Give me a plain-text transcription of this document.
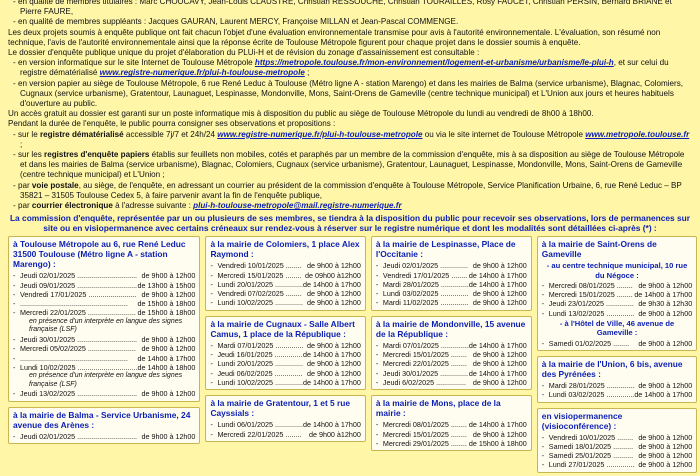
- en qualité de membres titulaires : Marc CHOUCAVY, Jean-Louis CLAUSTRE, Christian RESSOUCHE, Christian TOURAILLES, Rosy FAUCET, Christian PERSIN, Bernard BRIANE et Pierre FAURE,

- en qualité de membres suppléants : Jacques GAURAN, Laurent MERCY, Françoise MILLAN et Jean-Pascal COMMENGE.

Les deux projets soumis à enquête publique ont fait chacun l'objet d'une évaluation environnementale transmise pour avis à l'autorité environnementale. L'évaluation, son résumé non technique, l'avis de l'autorité environnementale ainsi que la réponse écrite de Toulouse Métropole figurent pour chaque projet dans le dossier soumis à enquête.

Le dossier d'enquête publique unique du projet d'élaboration du PLUi-H et de révision du zonage d'assainissement est consultable :

- en version informatique sur le site Internet de Toulouse Métropole https://metropole.toulouse.fr/mon-environnement/logement-et-urbanisme/urbanisme/le-plui-h, et sur celui du registre dématérialisé www.registre-numerique.fr/plui-h-toulouse-metropole ;

- en version papier au siège de Toulouse Métropole, 6 rue René Leduc à Toulouse (Métro ligne A - station Marengo) et dans les mairies de Balma (service urbanisme), Blagnac, Colomiers, Cugnaux (service urbanisme), Gratentour, Launaguet, Lespinasse, Mondonville, Mons, Saint-Orens de Gameville (centre technique municipal) et L'Union aux jours et heures habituels d'ouverture au public.

Un accès gratuit au dossier est garanti sur un poste informatique mis à disposition du public au siège de Toulouse Métropole du lundi au vendredi de 8h00 à 18h00.

Pendant la durée de l'enquête, le public pourra consigner ses observations et propositions :

- sur le registre dématérialisé accessible 7j/7 et 24h/24 www.registre-numerique.fr/plui-h-toulouse-metropole ou via le site internet de Toulouse Métropole www.metropole.toulouse.fr ;

- sur les registres d'enquête papiers établis sur feuillets non mobiles, cotés et paraphés par un membre de la commission d'enquête, mis à sa disposition au siège de Toulouse Métropole et dans les mairies de Balma (service urbanisme), Blagnac, Colomiers, Cugnaux (service urbanisme), Gratentour, Launaguet, Lespinasse, Mondonville, Mons, Saint-Orens de Gameville (centre technique municipal) et L'Union ;

- par voie postale, au siège, de l'enquête, en adressant un courrier au président de la commission d'enquête à Toulouse Métropole, Service Planification Urbaine, 6, rue René Leduc – BP 35821 – 31505 Toulouse Cedex 5, à faire parvenir avant la fin de l'enquête publique,

- par courrier électronique à l'adresse suivante : plui-h-toulouse-metropole@mail.registre-numerique.fr

La commission d'enquête, représentée par un ou plusieurs de ses membres, se tiendra à la disposition du public pour recevoir ses observations, lors de permanences sur site ou en visiopermanence avec certains créneaux sur rendez-vous à réserver sur le registre numérique et dont les modalités sont détaillées ci-après (*) :
à Toulouse Métropole au 6, rue René Leduc 31500 Toulouse (Métro ligne A - station Marengo) :
- Jeudi 02/01/2025 .............................. de 9h00 à 12h00
- Jeudi 09/01/2025 .............................. de 13h00 à 15h00
- Vendredi 17/01/2025 ........................ de 9h00 à 12h00
- ......................................................	de 15h00 à 18h00
- Mercredi 22/01/2025 ........................ de 15h00 à 18h00
en présence d'un interprète en langue des signes française (LSF)
- Jeudi 30/01/2025 .............................. de 9h00 à 12h00
- Mercredi 05/02/2025 ........................ de 9h00 à 12h00
- ......................................................	de 14h00 à 17h00
- Lundi 10/02/2025 .............................. de 14h00 à 18h00
en présence d'un interprète en langue des signes française (LSF)
- Jeudi 13/02/2025 .............................. de 9h00 à 12h00
à la mairie de Balma - Service Urbanisme, 24 avenue des Arènes :
- Jeudi 02/01/2025 .............................. de 9h00 à 12h00
à la mairie de Colomiers, 1 place Alex Raymond :
- Vendredi 10/01/2025 ........ de 9h00 à 12h00
- Mercredi 15/01/2025 ........ de 09h00 à12h00
- Lundi 20/01/2025 .............. de 14h00 à 17h00
- Vendredi 07/02/2025 ........ de 9h00 à 12h00
- Lundi 10/02/2025 .............. de 9h00 à 12h00
à la mairie de Cugnaux - Salle Albert Camus, 1 place de la République :
- Mardi 07/01/2025 .............. de 9h00 à 12h00
- Jeudi 16/01/2025 .............. de 14h00 à 17h00
- Lundi 20/01/2025 .............. de 9h00 à 12h00
- Jeudi 06/02/2025 .............. de 9h00 à 12h00
- Lundi 10/02/2025 .............. de 14h00 à 17h00
à la mairie de Gratentour, 1 et 5 rue Cayssials :
- Lundi 06/01/2025 .............. de 14h00 à 17h00
- Mercredi 22/01/2025 ........	de 9h00 à12h00
à la mairie de Lespinasse, Place de l'Occitanie :
- Jeudi 02/01/2025 .............. de 9h00 à 12h00
- Vendredi 17/01/2025 ........ de 14h00 à 17h00
- Mardi 28/01/2025 .............. de 14h00 à 17h00
- Lundi 03/02/2025 .............. de 9h00 à 12h00
- Mardi 11/02/2025 .............. de 9h00 à 12h00
à la mairie de Mondonville, 15 avenue de la République :
- Mardi 07/01/2025 .............. de 14h00 à 17h00
- Mercredi 15/01/2025 ........ de 9h00 à 12h00
- Mercredi 22/01/2025 ........ de 9h00 à 12h00
- Jeudi 30/01/2025 .............. de 14h00 à 17h00
- Jeudi 6/02/2025 ............... de 9h00 à 12h00
à la mairie de Mons, place de la mairie :
- Mercredi 08/01/2025 ........ de 14h00 à 17h00
- Mercredi 15/01/2025 ........ de 9h00 à 12h00
- Mercredi 29/01/2025 ........ de 15h00 à 18h00
à la mairie de Saint-Orens de Gameville
- au centre technique municipal, 10 rue du Négoce :
- Mercredi 08/01/2025 ........ de 9h00 à 12h00
- Mercredi 15/01/2025 ........ de 14h00 à 17h00
- Jeudi 23/01/2025 .............. de 9h30 à 12h30
- Lundi 13/02/2025 .............. de 9h00 à 12h00
- à l'Hôtel de Ville, 46 avenue de Gameville :
- Samedi 01/02/2025 ........	de 9h00 à 12h00
à la mairie de l'Union, 6 bis, avenue des Pyrénées :
- Mardi 28/01/2025 .............. de 9h00 à 12h00
- Lundi 03/02/2025 .............. de 14h00 à 17h00
en visiopermanence (visioconférence) :
- Vendredi 10/01/2025 ........ de 9h00 à 12h00
- Samedi 18/01/2025 .......... de 9h00 à 12h00
- Samedi 25/01/2025 .......... de 9h00 à 12h00
- Lundi 27/01/2025 .............. de 9h00 à 12h00
